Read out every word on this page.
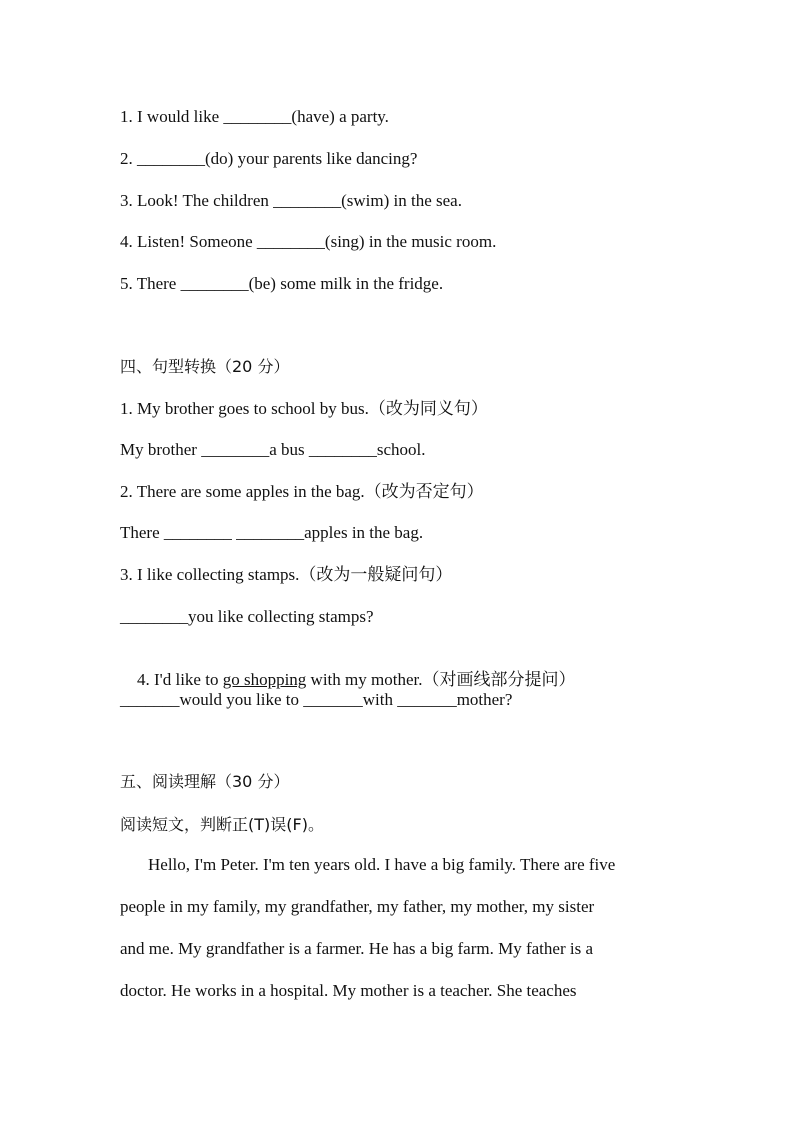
1. I would like ________(have) a party.
2. ________(do) your parents like dancing?
3. Look! The children ________(swim) in the sea.
4. Listen! Someone ________(sing) in the music room.
5. There ________(be) some milk in the fridge.
四、句型转换（20 分）
1. My brother goes to school by bus.（改为同义句）
My brother ________a bus ________school.
2. There are some apples in the bag.（改为否定句）
There ________ ________apples in the bag.
3. I like collecting stamps.（改为一般疑问句）
________you like collecting stamps?

4. I'd like to go shopping with my mother.（对画线部分提问）

_______would you like to _______with _______mother?
五、阅读理解（30 分）
阅读短文，判断正(T)误(F)。

Hello, I'm Peter. I'm ten years old. I have a big family. There are five

people in my family, my grandfather, my father, my mother, my sister

and me. My grandfather is a farmer. He has a big farm. My father is a

doctor. He works in a hospital. My mother is a teacher. She teaches
